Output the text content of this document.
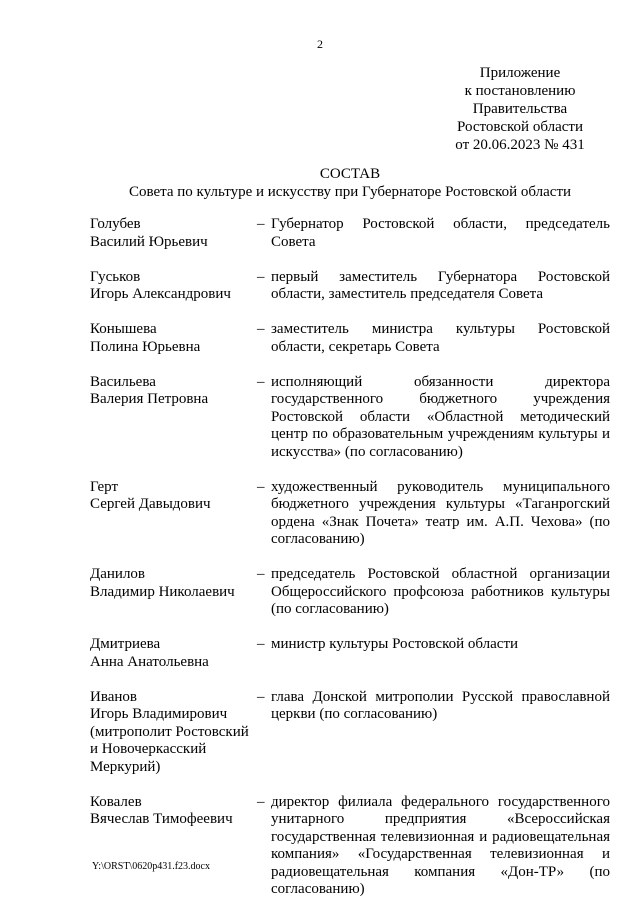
2
Приложение
к постановлению
Правительства
Ростовской области
от 20.06.2023 № 431
СОСТАВ
Совета по культуре и искусству при Губернаторе Ростовской области
Голубев
Василий Юрьевич
– Губернатор Ростовской области, председатель Совета
Гуськов
Игорь Александрович
– первый заместитель Губернатора Ростовской области, заместитель председателя Совета
Конышева
Полина Юрьевна
– заместитель министра культуры Ростовской области, секретарь Совета
Васильева
Валерия Петровна
– исполняющий обязанности директора государственного бюджетного учреждения Ростовской области «Областной методический центр по образовательным учреждениям культуры и искусства» (по согласованию)
Герт
Сергей Давыдович
– художественный руководитель муниципального бюджетного учреждения культуры «Таганрогский ордена «Знак Почета» театр им. А.П. Чехова» (по согласованию)
Данилов
Владимир Николаевич
– председатель Ростовской областной организации Общероссийского профсоюза работников культуры (по согласованию)
Дмитриева
Анна Анатольевна
– министр культуры Ростовской области
Иванов
Игорь Владимирович
(митрополит Ростовский
и Новочеркасский
Меркурий)
– глава Донской митрополии Русской православной церкви (по согласованию)
Ковалев
Вячеслав Тимофеевич
– директор филиала федерального государственного унитарного предприятия «Всероссийская государственная телевизионная и радиовещательная компания» «Государственная телевизионная и радиовещательная компания «Дон-ТР» (по согласованию)
Y:\ORST\0620p431.f23.docx
